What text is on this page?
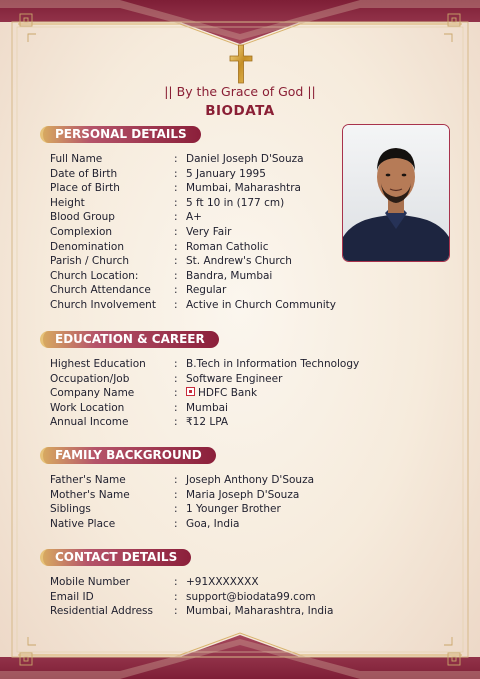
|| By the Grace of God ||
BIODATA
PERSONAL DETAILS
Full Name	: Daniel Joseph D'Souza
Date of Birth	: 5 January 1995
Place of Birth	: Mumbai, Maharashtra
Height	: 5 ft 10 in (177 cm)
Blood Group	: A+
Complexion	: Very Fair
Denomination	: Roman Catholic
Parish / Church	: St. Andrew's Church
Church Location:	: Bandra, Mumbai
Church Attendance	: Regular
Church Involvement	: Active in Church Community
EDUCATION & CAREER
Highest Education	: B.Tech in Information Technology
Occupation/Job	: Software Engineer
Company Name	:	HDFC Bank
Work Location	: Mumbai
Annual Income	: ₹12 LPA
FAMILY BACKGROUND
Father's Name	: Joseph Anthony D'Souza
Mother's Name	: Maria Joseph D'Souza
Siblings	: 1 Younger Brother
Native Place	: Goa, India
CONTACT DETAILS
Mobile Number	: +91XXXXXXX
Email ID	: support@biodata99.com
Residential Address	: Mumbai, Maharashtra, India
